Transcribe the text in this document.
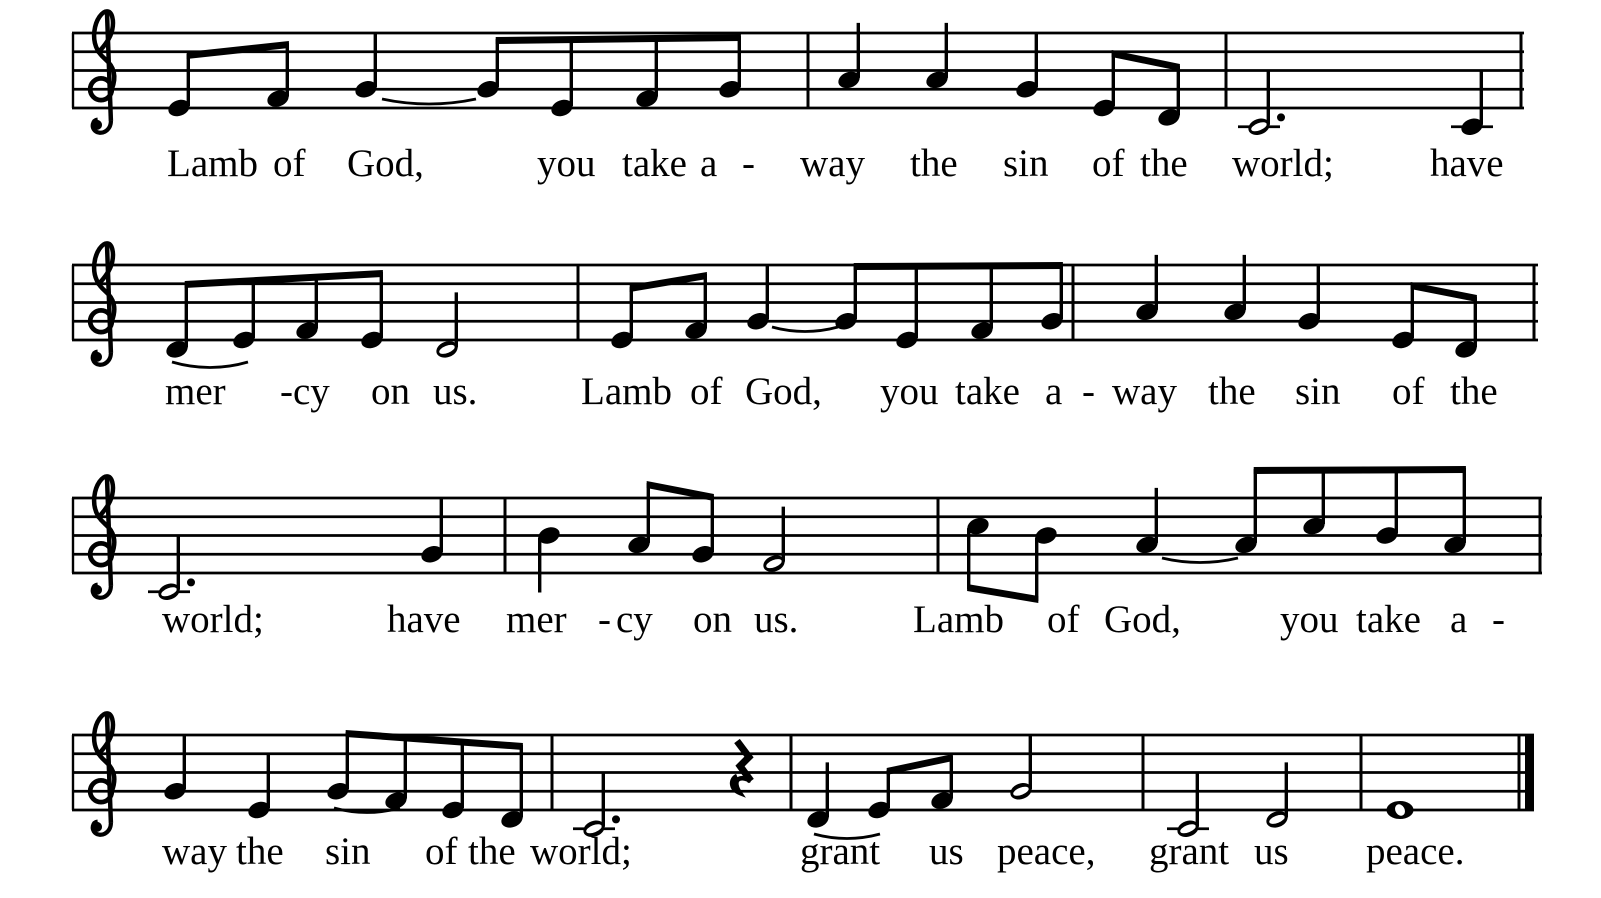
Lamb of God,	you take a - way the sin of the world; have
mer - cy on us.	Lamb of God, you take a - way the sin of the
world;	have mer - cy on us.	Lamb of God,	you take a -
way the sin of the world;	grant us peace, grant us peace.
